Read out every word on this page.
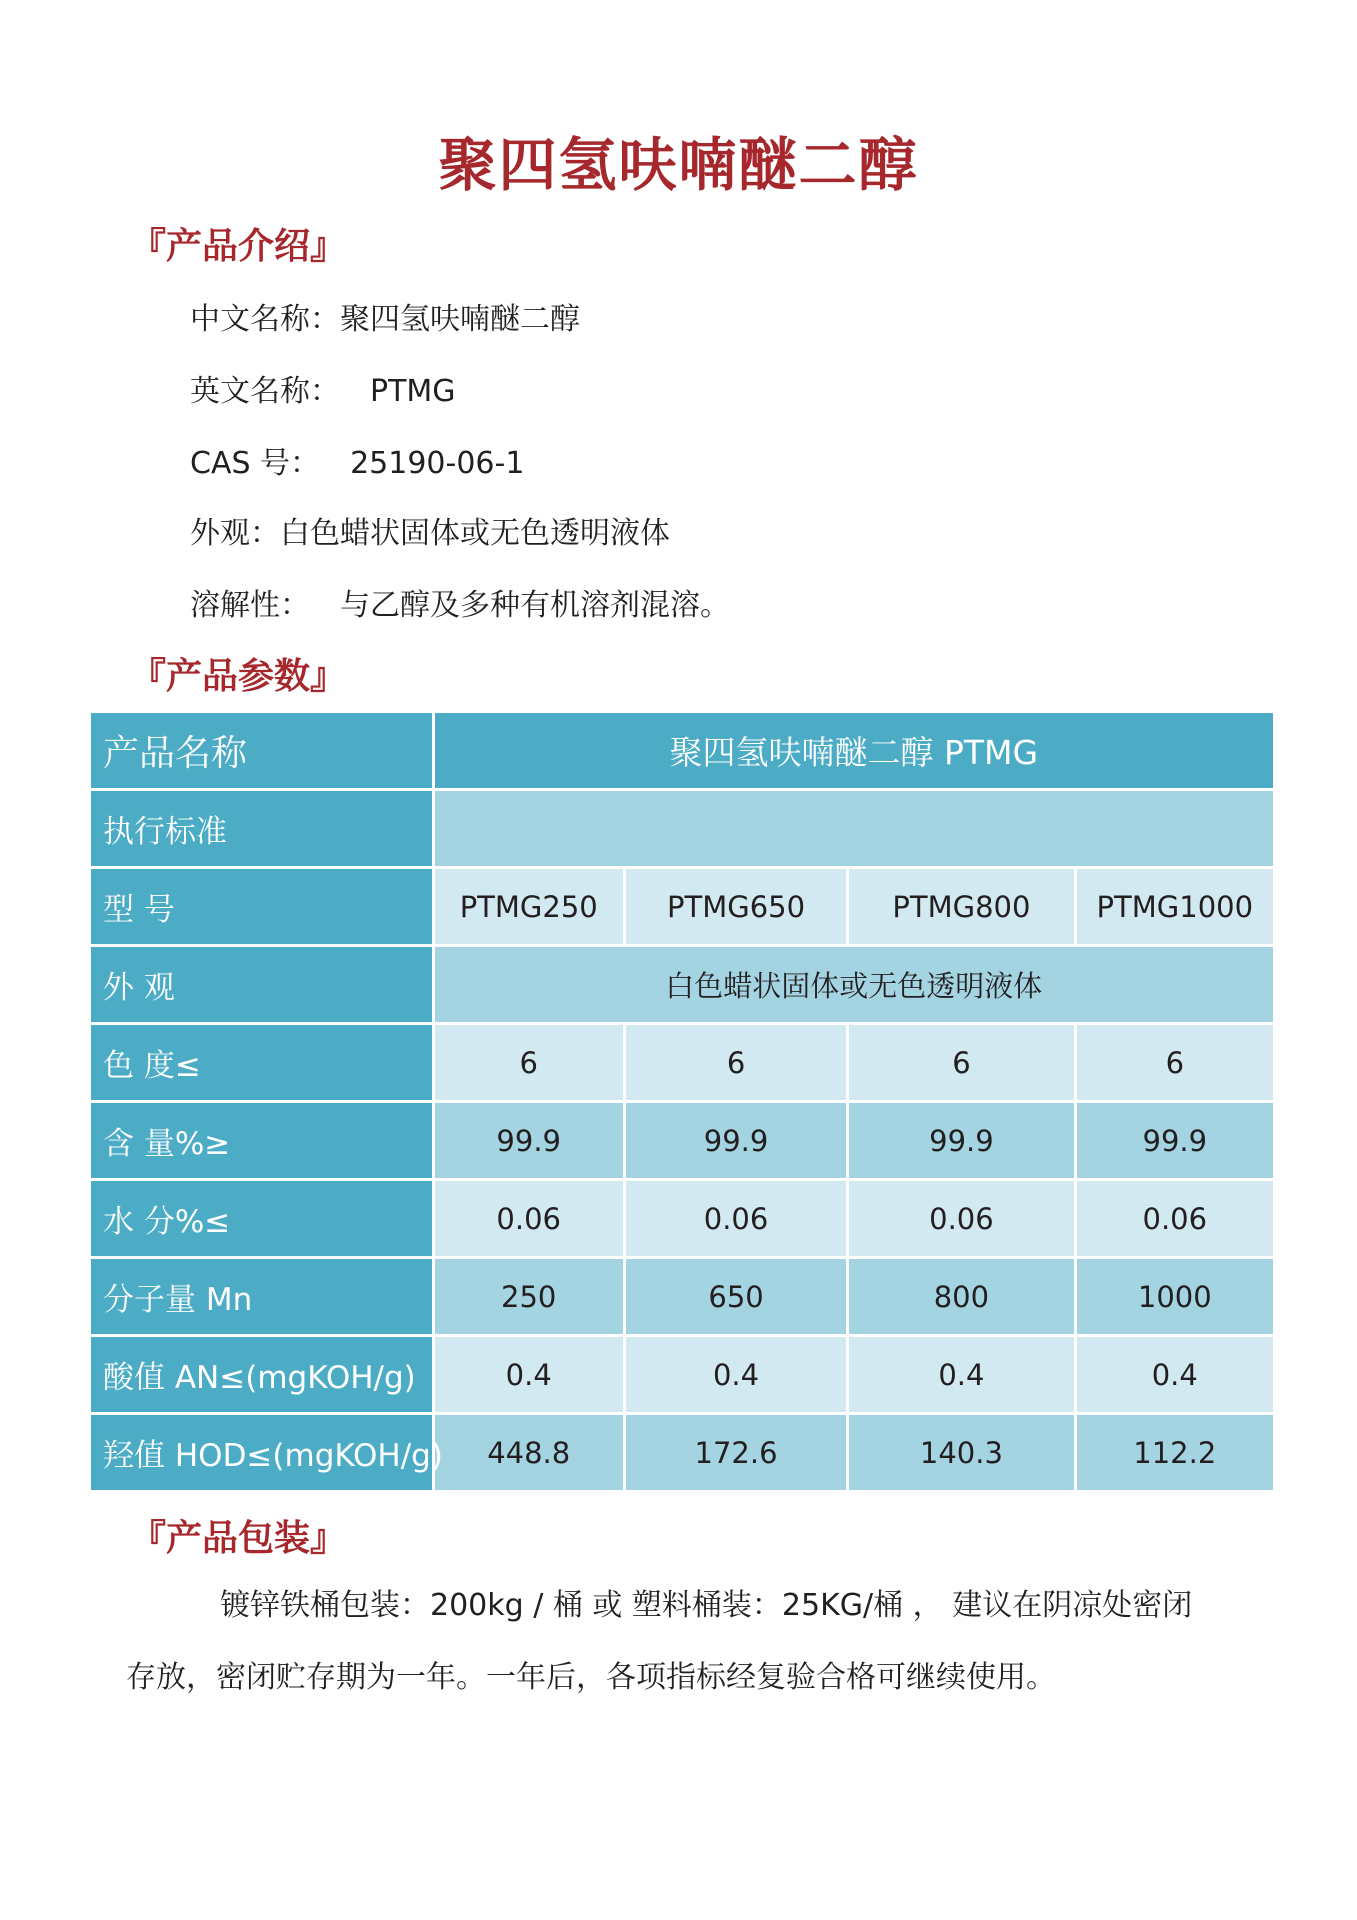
聚四氢呋喃醚二醇
『产品介绍』

中文名称：聚四氢呋喃醚二醇

英文名称： PTMG

CAS 号： 25190-06-1

外观：白色蜡状固体或无色透明液体

溶解性： 与乙醇及多种有机溶剂混溶。

『产品参数』
产品名称	聚四氢呋喃醚二醇 PTMG			
执行标准				
型 号	PTMG250	PTMG650	PTMG800	PTMG1000
外 观	白色蜡状固体或无色透明液体			
色 度≤	6	6	6	6
含 量%≥	99.9	99.9	99.9	99.9
水 分%≤	0.06	0.06	0.06	0.06
分子量 Mn	250	650	800	1000
酸值 AN≤(mgKOH/g)	0.4	0.4	0.4	0.4
羟值 HOD≤(mgKOH/g)	448.8	172.6	140.3	112.2
『产品包装』
镀锌铁桶包装：200kg / 桶 或 塑料桶装：25KG/桶 ， 建议在阴凉处密闭
存放，密闭贮存期为一年。一年后，各项指标经复验合格可继续使用。
